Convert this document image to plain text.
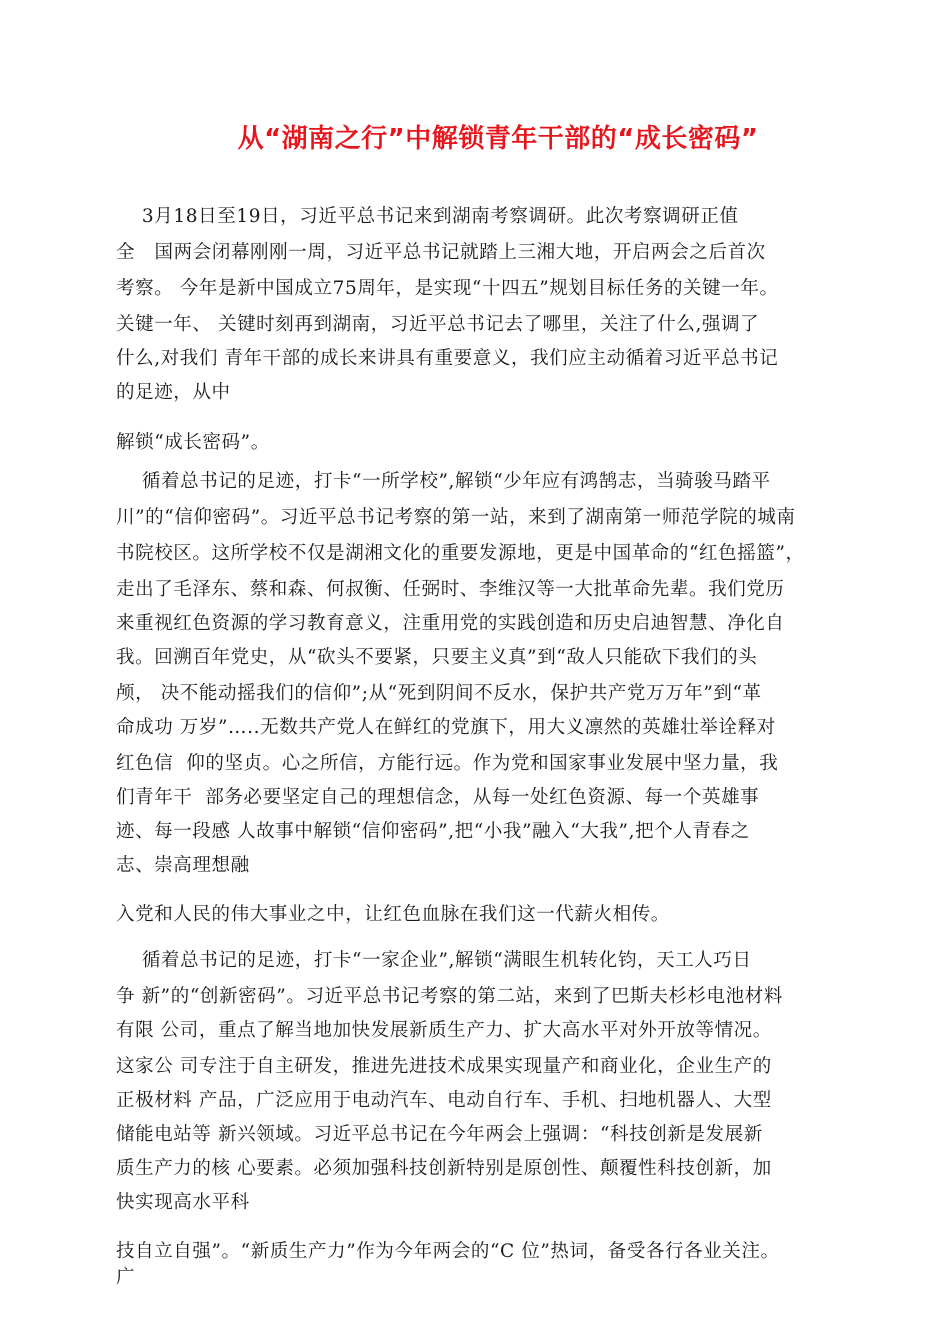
从“湖南之行”中解锁青年干部的“成长密码”
3月18日至19日，习近平总书记来到湖南考察调研。此次考察调研正值
全   国两会闭幕刚刚一周，习近平总书记就踏上三湘大地，开启两会之后首次
考察。 今年是新中国成立75周年，是实现“十四五”规划目标任务的关键一年。
关键一年、 关键时刻再到湖南，习近平总书记去了哪里，关注了什么,强调了
什么,对我们 青年干部的成长来讲具有重要意义，我们应主动循着习近平总书记
的足迹，从中
解锁“成长密码”。
循着总书记的足迹，打卡“一所学校”,解锁“少年应有鸿鹄志，当骑骏马踏平
川”的“信仰密码”。习近平总书记考察的第一站，来到了湖南第一师范学院的城南
书院校区。这所学校不仅是湖湘文化的重要发源地，更是中国革命的“红色摇篮”，
走出了毛泽东、蔡和森、何叔衡、任弼时、李维汉等一大批革命先辈。我们党历
来重视红色资源的学习教育意义，注重用党的实践创造和历史启迪智慧、净化自
我。回溯百年党史，从“砍头不要紧，只要主义真”到“敌人只能砍下我们的头
颅， 决不能动摇我们的信仰”;从“死到阴间不反水，保护共产党万万年”到“革
命成功 万岁”…..无数共产党人在鲜红的党旗下，用大义凛然的英雄壮举诠释对
红色信  仰的坚贞。心之所信，方能行远。作为党和国家事业发展中坚力量，我
们青年干  部务必要坚定自己的理想信念，从每一处红色资源、每一个英雄事
迹、每一段感 人故事中解锁“信仰密码”,把“小我”融入“大我”,把个人青春之
志、崇高理想融
入党和人民的伟大事业之中，让红色血脉在我们这一代薪火相传。
循着总书记的足迹，打卡“一家企业”,解锁“满眼生机转化钧，天工人巧日
争 新”的“创新密码”。习近平总书记考察的第二站，来到了巴斯夫杉杉电池材料
有限 公司，重点了解当地加快发展新质生产力、扩大高水平对外开放等情况。
这家公 司专注于自主研发，推进先进技术成果实现量产和商业化，企业生产的
正极材料 产品，广泛应用于电动汽车、电动自行车、手机、扫地机器人、大型
储能电站等 新兴领域。习近平总书记在今年两会上强调：“科技创新是发展新
质生产力的核 心要素。必须加强科技创新特别是原创性、颠覆性科技创新，加
快实现高水平科
技自立自强”。“新质生产力”作为今年两会的“C 位”热词，备受各行各业关注。
广
